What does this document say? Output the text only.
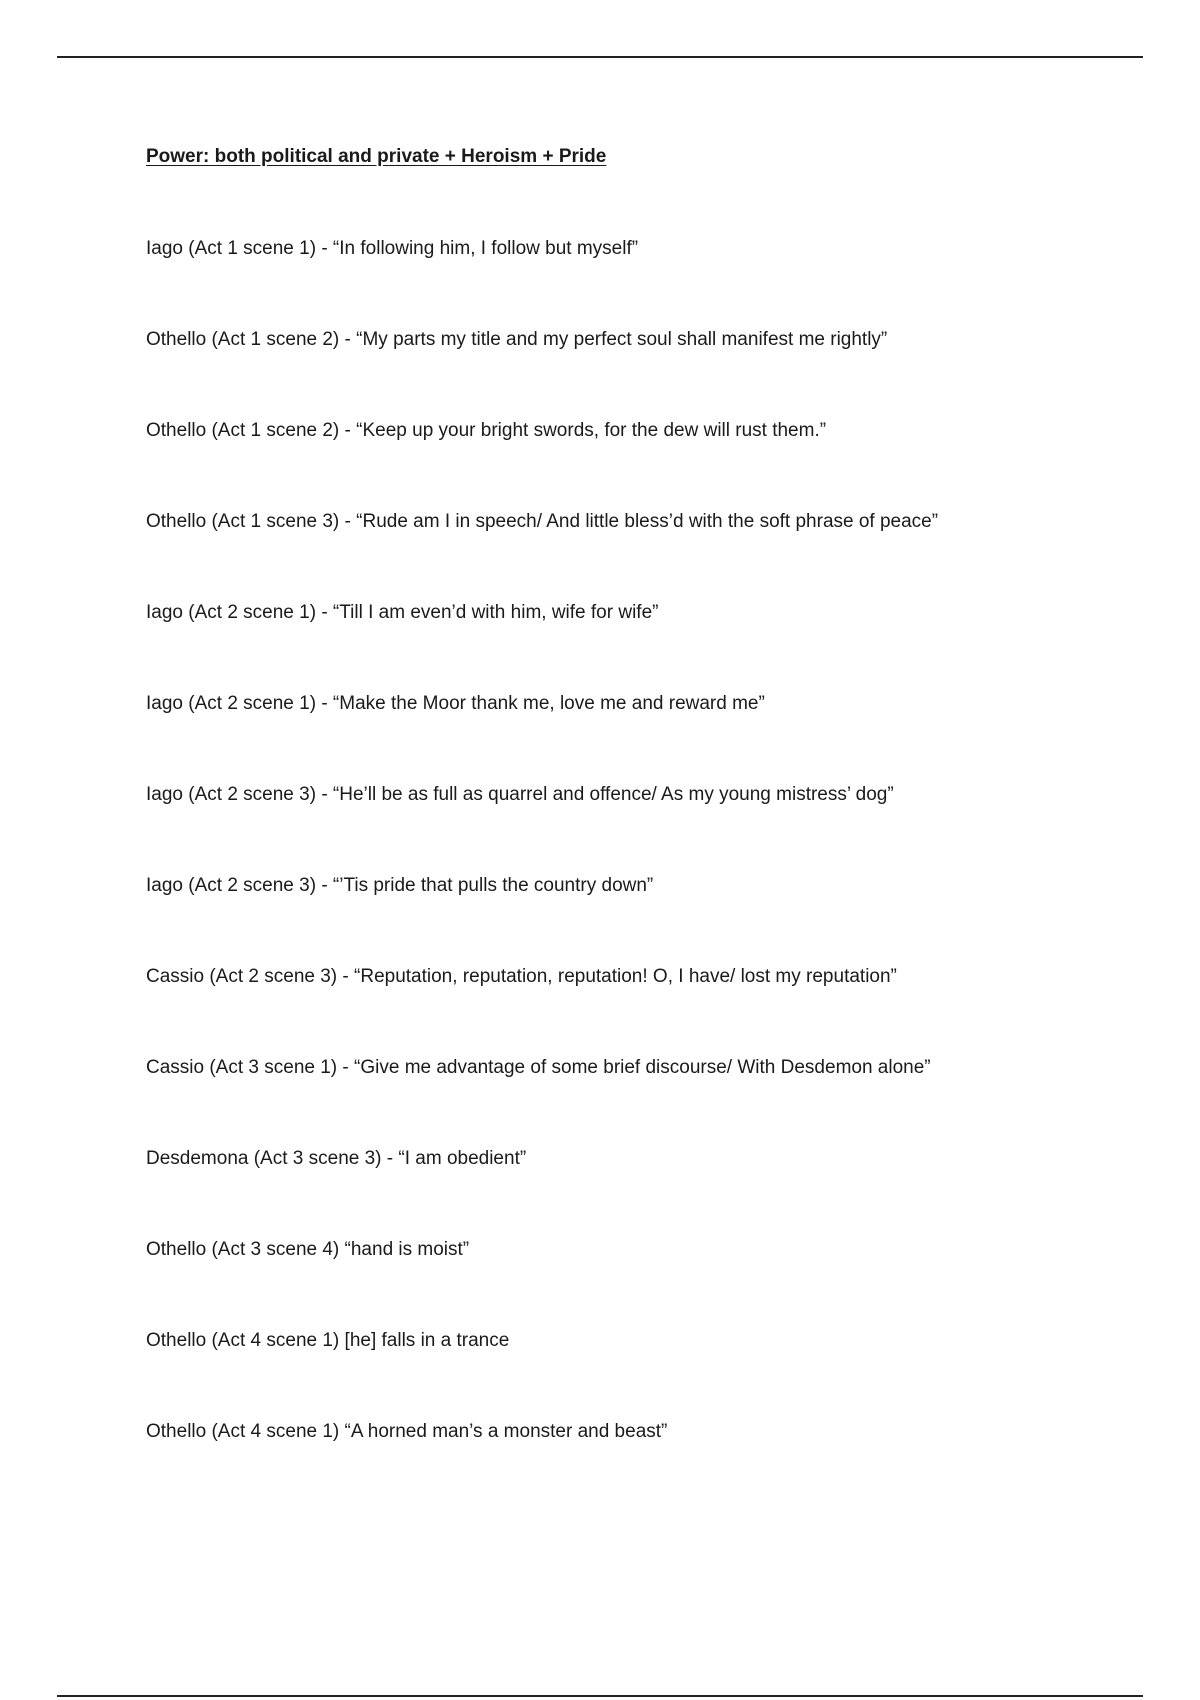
Power: both political and private + Heroism + Pride
Iago (Act 1 scene 1) - “In following him, I follow but myself”
Othello (Act 1 scene 2) - “My parts my title and my perfect soul shall manifest me rightly”
Othello (Act 1 scene 2) - “Keep up your bright swords, for the dew will rust them.”
Othello (Act 1 scene 3) - “Rude am I in speech/ And little bless’d with the soft phrase of peace”
Iago (Act 2 scene 1) - “Till I am even’d with him, wife for wife”
Iago (Act 2 scene 1) - “Make the Moor thank me, love me and reward me”
Iago (Act 2 scene 3) - “He’ll be as full as quarrel and offence/ As my young mistress’ dog”
Iago (Act 2 scene 3) - “’Tis pride that pulls the country down”
Cassio (Act 2 scene 3) - “Reputation, reputation, reputation! O, I have/ lost my reputation”
Cassio (Act 3 scene 1) - “Give me advantage of some brief discourse/ With Desdemon alone”
Desdemona (Act 3 scene 3) - “I am obedient”
Othello (Act 3 scene 4) “hand is moist”
Othello (Act 4 scene 1) [he] falls in a trance
Othello (Act 4 scene 1) “A horned man’s a monster and beast”
